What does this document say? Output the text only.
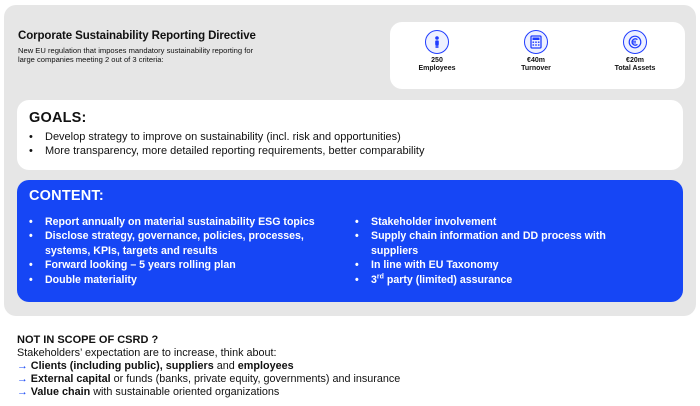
Corporate Sustainability Reporting Directive
New EU regulation that imposes mandatory sustainability reporting for large companies meeting 2 out of 3 criteria:	250
Employees
€40m
Turnover
€20m
Total Assets
GOALS:
• Develop strategy to improve on sustainability (incl. risk and opportunities)
• More transparency, more detailed reporting requirements, better comparability
CONTENT:
• Report annually on material sustainability ESG topics
• Disclose strategy, governance, policies, processes, systems, KPIs, targets and results
• Forward looking – 5 years rolling plan
• Double materiality
• Stakeholder involvement
• Supply chain information and DD process with suppliers
• In line with EU Taxonomy
• 3rd party (limited) assurance
NOT IN SCOPE OF CSRD ?
Stakeholders’ expectation are to increase, think about:
→ Clients (including public), suppliers and employees
→ External capital or funds (banks, private equity, governments) and insurance
→ Value chain with sustainable oriented organizations
